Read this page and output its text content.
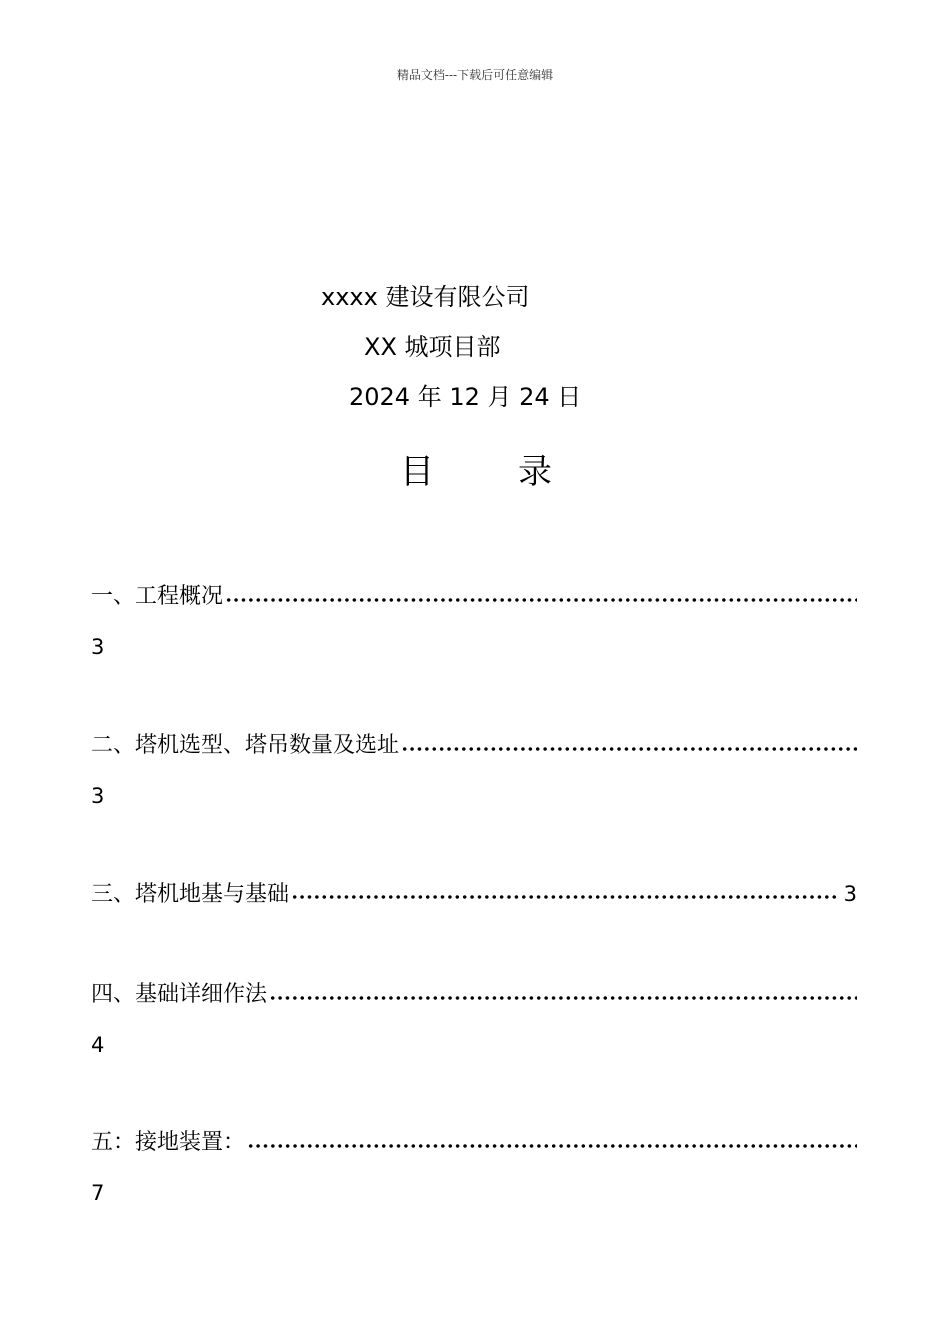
精品文档---下载后可任意编辑
xxxx 建设有限公司
XX 城项目部
2024 年 12 月 24 日
目 录
一、工程概况
3
二、塔机选型、塔吊数量及选址
3
三、塔机地基与基础	3
四、基础详细作法
4
五：接地装置：
7
